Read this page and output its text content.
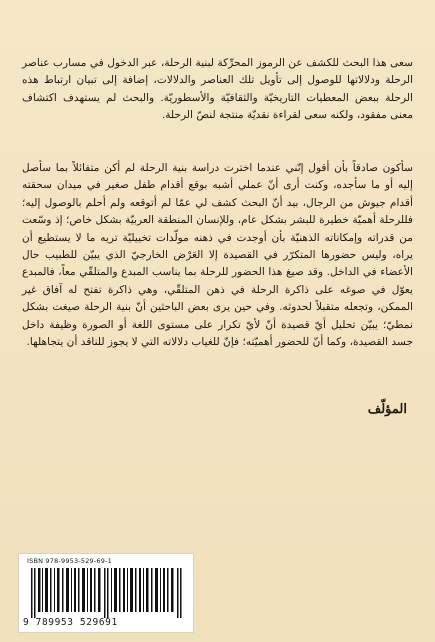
سعى هذا البحث للكشف عن الرموز المحرِّكة لبنية الرحلة، عبر الدخول في مسارب عناصر الرحلة ودلالاتها للوصول إلى تأويل تلك العناصر والدلالات، إضافة إلى تبيان ارتباط هذه الرحلة ببعض المعطيات التاريخيّة والثقافيّة والأسطوريّة. والبحث لم يستهدف اكتشاف معنى مفقود، ولكنه سعى لقراءة نقديّة منتجة لنصّ الرحلة.

سأكون صادقاً بأن أقول إنّني عندما اخترت دراسة بنية الرحلة لم أكن متفائلاً بما سأصل إليه أو ما سأجده، وكنت أرى أنّ عملي أشبه بوقع أقدام طفل صغير في ميدان سحقته أقدام جيوش من الرجال، بيد أنّ البحث كشف لي عمّا لم أتوقعه ولم أحلم بالوصول إليه؛ فللرحلة أهميّة خطيرة للبشر بشكل عام، وللإنسان المنطقة العربيّة بشكل خاص؛ إذ وسّعت من قدراته وإمكاناته الذهنيّة بأن أوجدت في ذهنه مولّدات تخييليّة تريه ما لا يستطيع أن يراه، وليس حضورها المتكرّر في القصيدة إلا العَرْض الخارجيّ الذي يبيّن للطبيب حال الأعضاء في الداخل. وقد صيغ هذا الحضور للرحلة بما يناسب المبدع والمتلقّي معاً، فالمبدع يعوّل في صوغه على ذاكرة الرحلة في ذهن المتلقّي، وهي ذاكرة تفتح له آفاق غير الممكن، وتجعله متقبلاً لحدوثه. وفي حين يرى بعض الباحثين أنّ بنية الرحلة صيغت بشكل نمطيّ؛ يبيّن تحليل أيّ قصيدة أنّ لأيّ تكرار على مستوى اللغة أو الصورة وظيفة داخل جسد القصيدة، وكما أنّ للحضور أهميّته؛ فإنّ للغياب دلالاته التي لا يجوز للناقد أن يتجاهلها.

المؤلّف
ISBN 978-9953-529-69-1
9 789953 529691
